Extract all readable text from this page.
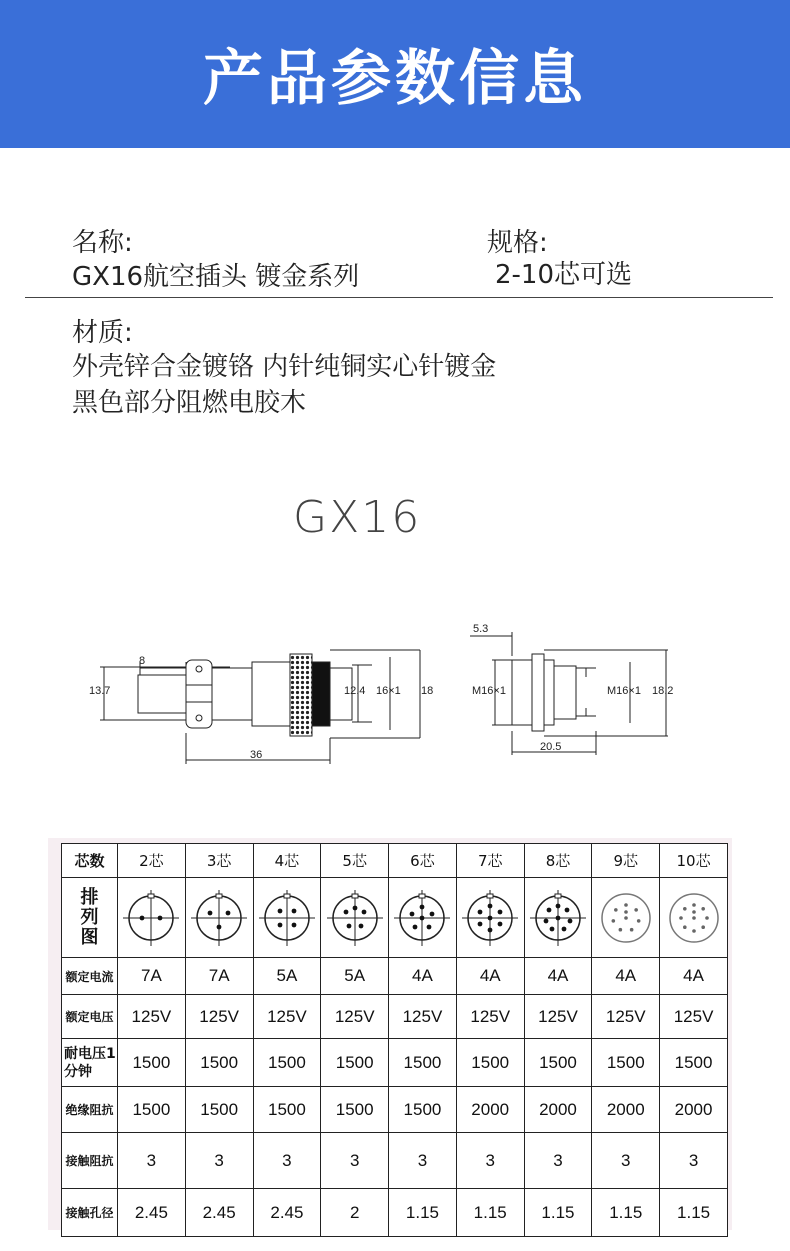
产品参数信息
名称:
GX16航空插头 镀金系列
规格:
2-10芯可选
材质:
外壳锌合金镀铬 内针纯铜实心针镀金
黑色部分阻燃电胶木
GX16
8
13.7	12.4 16×1 18
36
5.3
M16×1	M16×1 18.2
20.5
芯数	2芯	3芯	4芯	5芯	6芯	7芯	8芯	9芯	10芯
排
列
图	

额定电流	7A	7A	5A	5A	4A	4A	4A	4A	4A
额定电压	125V	125V	125V	125V	125V	125V	125V	125V	125V
耐电压1分钟	1500	1500	1500	1500	1500	1500	1500	1500	1500
绝缘阻抗	1500	1500	1500	1500	1500	2000	2000	2000	2000
接触阻抗	3	3	3	3	3	3	3	3	3
接触孔径	2.45	2.45	2.45	2	1.15	1.15	1.15	1.15	1.15
